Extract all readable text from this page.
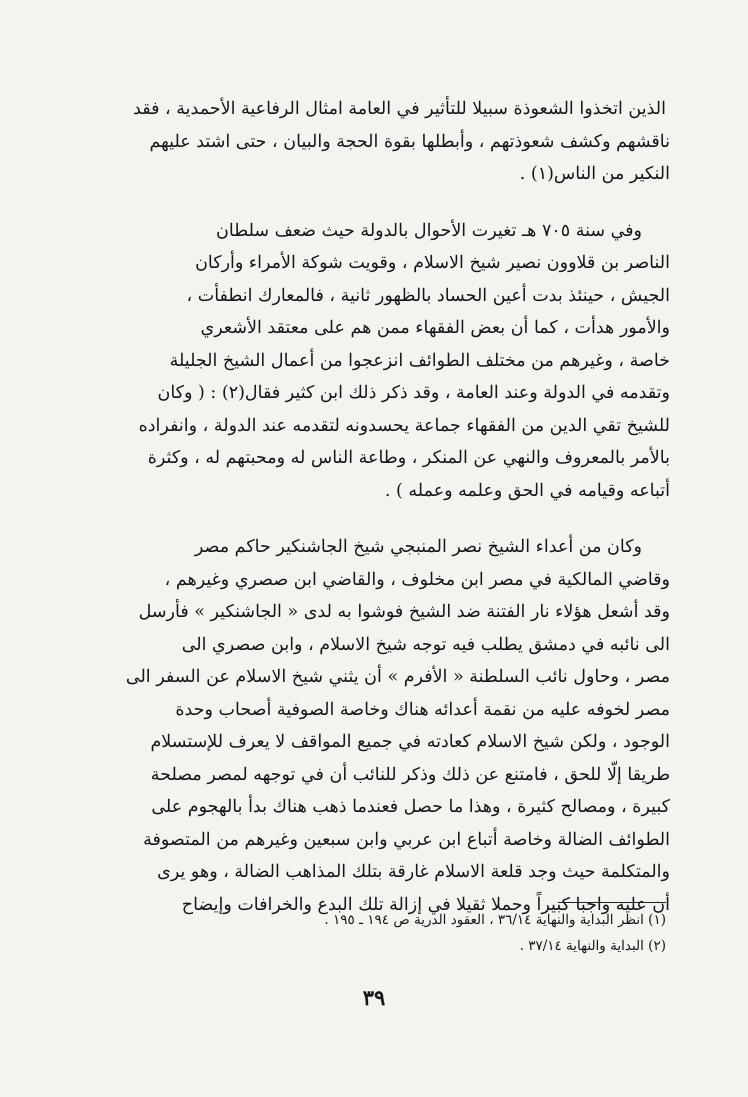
الذين اتخذوا الشعوذة سبيلا للتأثير في العامة امثال الرفاعية الأحمدية ، فقد
ناقشهم وكشف شعوذتهم ، وأبطلها بقوة الحجة والبيان ، حتى اشتد عليهم
النكير من الناس(١) .
وفي سنة ٧٠٥ هـ تغيرت الأحوال بالدولة حيث ضعف سلطان
الناصر بن قلاوون نصير شيخ الاسلام ، وقويت شوكة الأمراء وأركان
الجيش ، حينئذ بدت أعين الحساد بالظهور ثانية ، فالمعارك انطفأت ،
والأمور هدأت ، كما أن بعض الفقهاء ممن هم على معتقد الأشعري
خاصة ، وغيرهم من مختلف الطوائف انزعجوا من أعمال الشيخ الجليلة
وتقدمه في الدولة وعند العامة ، وقد ذكر ذلك ابن كثير فقال(٢) : ( وكان
للشيخ تقي الدين من الفقهاء جماعة يحسدونه لتقدمه عند الدولة ، وانفراده
بالأمر بالمعروف والنهي عن المنكر ، وطاعة الناس له ومحبتهم له ، وكثرة
أتباعه وقيامه في الحق وعلمه وعمله ) .
وكان من أعداء الشيخ نصر المنبجي شيخ الجاشنكير حاكم مصر
وقاضي المالكية في مصر ابن مخلوف ، والقاضي ابن صصري وغيرهم ،
وقد أشعل هؤلاء نار الفتنة ضد الشيخ فوشوا به لدى « الجاشنكير » فأرسل
الى نائبه في دمشق يطلب فيه توجه شيخ الاسلام ، وابن صصري الى
مصر ، وحاول نائب السلطنة « الأفرم » أن يثني شيخ الاسلام عن السفر الى
مصر لخوفه عليه من نقمة أعدائه هناك وخاصة الصوفية أصحاب وحدة
الوجود ، ولكن شيخ الاسلام كعادته في جميع المواقف لا يعرف للإستسلام
طريقا إلّا للحق ، فامتنع عن ذلك وذكر للنائب أن في توجهه لمصر مصلحة
كبيرة ، ومصالح كثيرة ، وهذا ما حصل فعندما ذهب هناك بدأ بالهجوم على
الطوائف الضالة وخاصة أتباع ابن عربي وابن سبعين وغيرهم من المتصوفة
والمتكلمة حيث وجد قلعة الاسلام غارقة بتلك المذاهب الضالة ، وهو يرى
أن عليه واجبا كبيراً وحملا ثقيلا في إزالة تلك البدع والخرافات وإيضاح
(١) انظر البداية والنهاية ٣٦/١٤ ، العقود الدرية ص ١٩٤ ـ ١٩٥ .
(٢) البداية والنهاية ٣٧/١٤ .
٣٩
